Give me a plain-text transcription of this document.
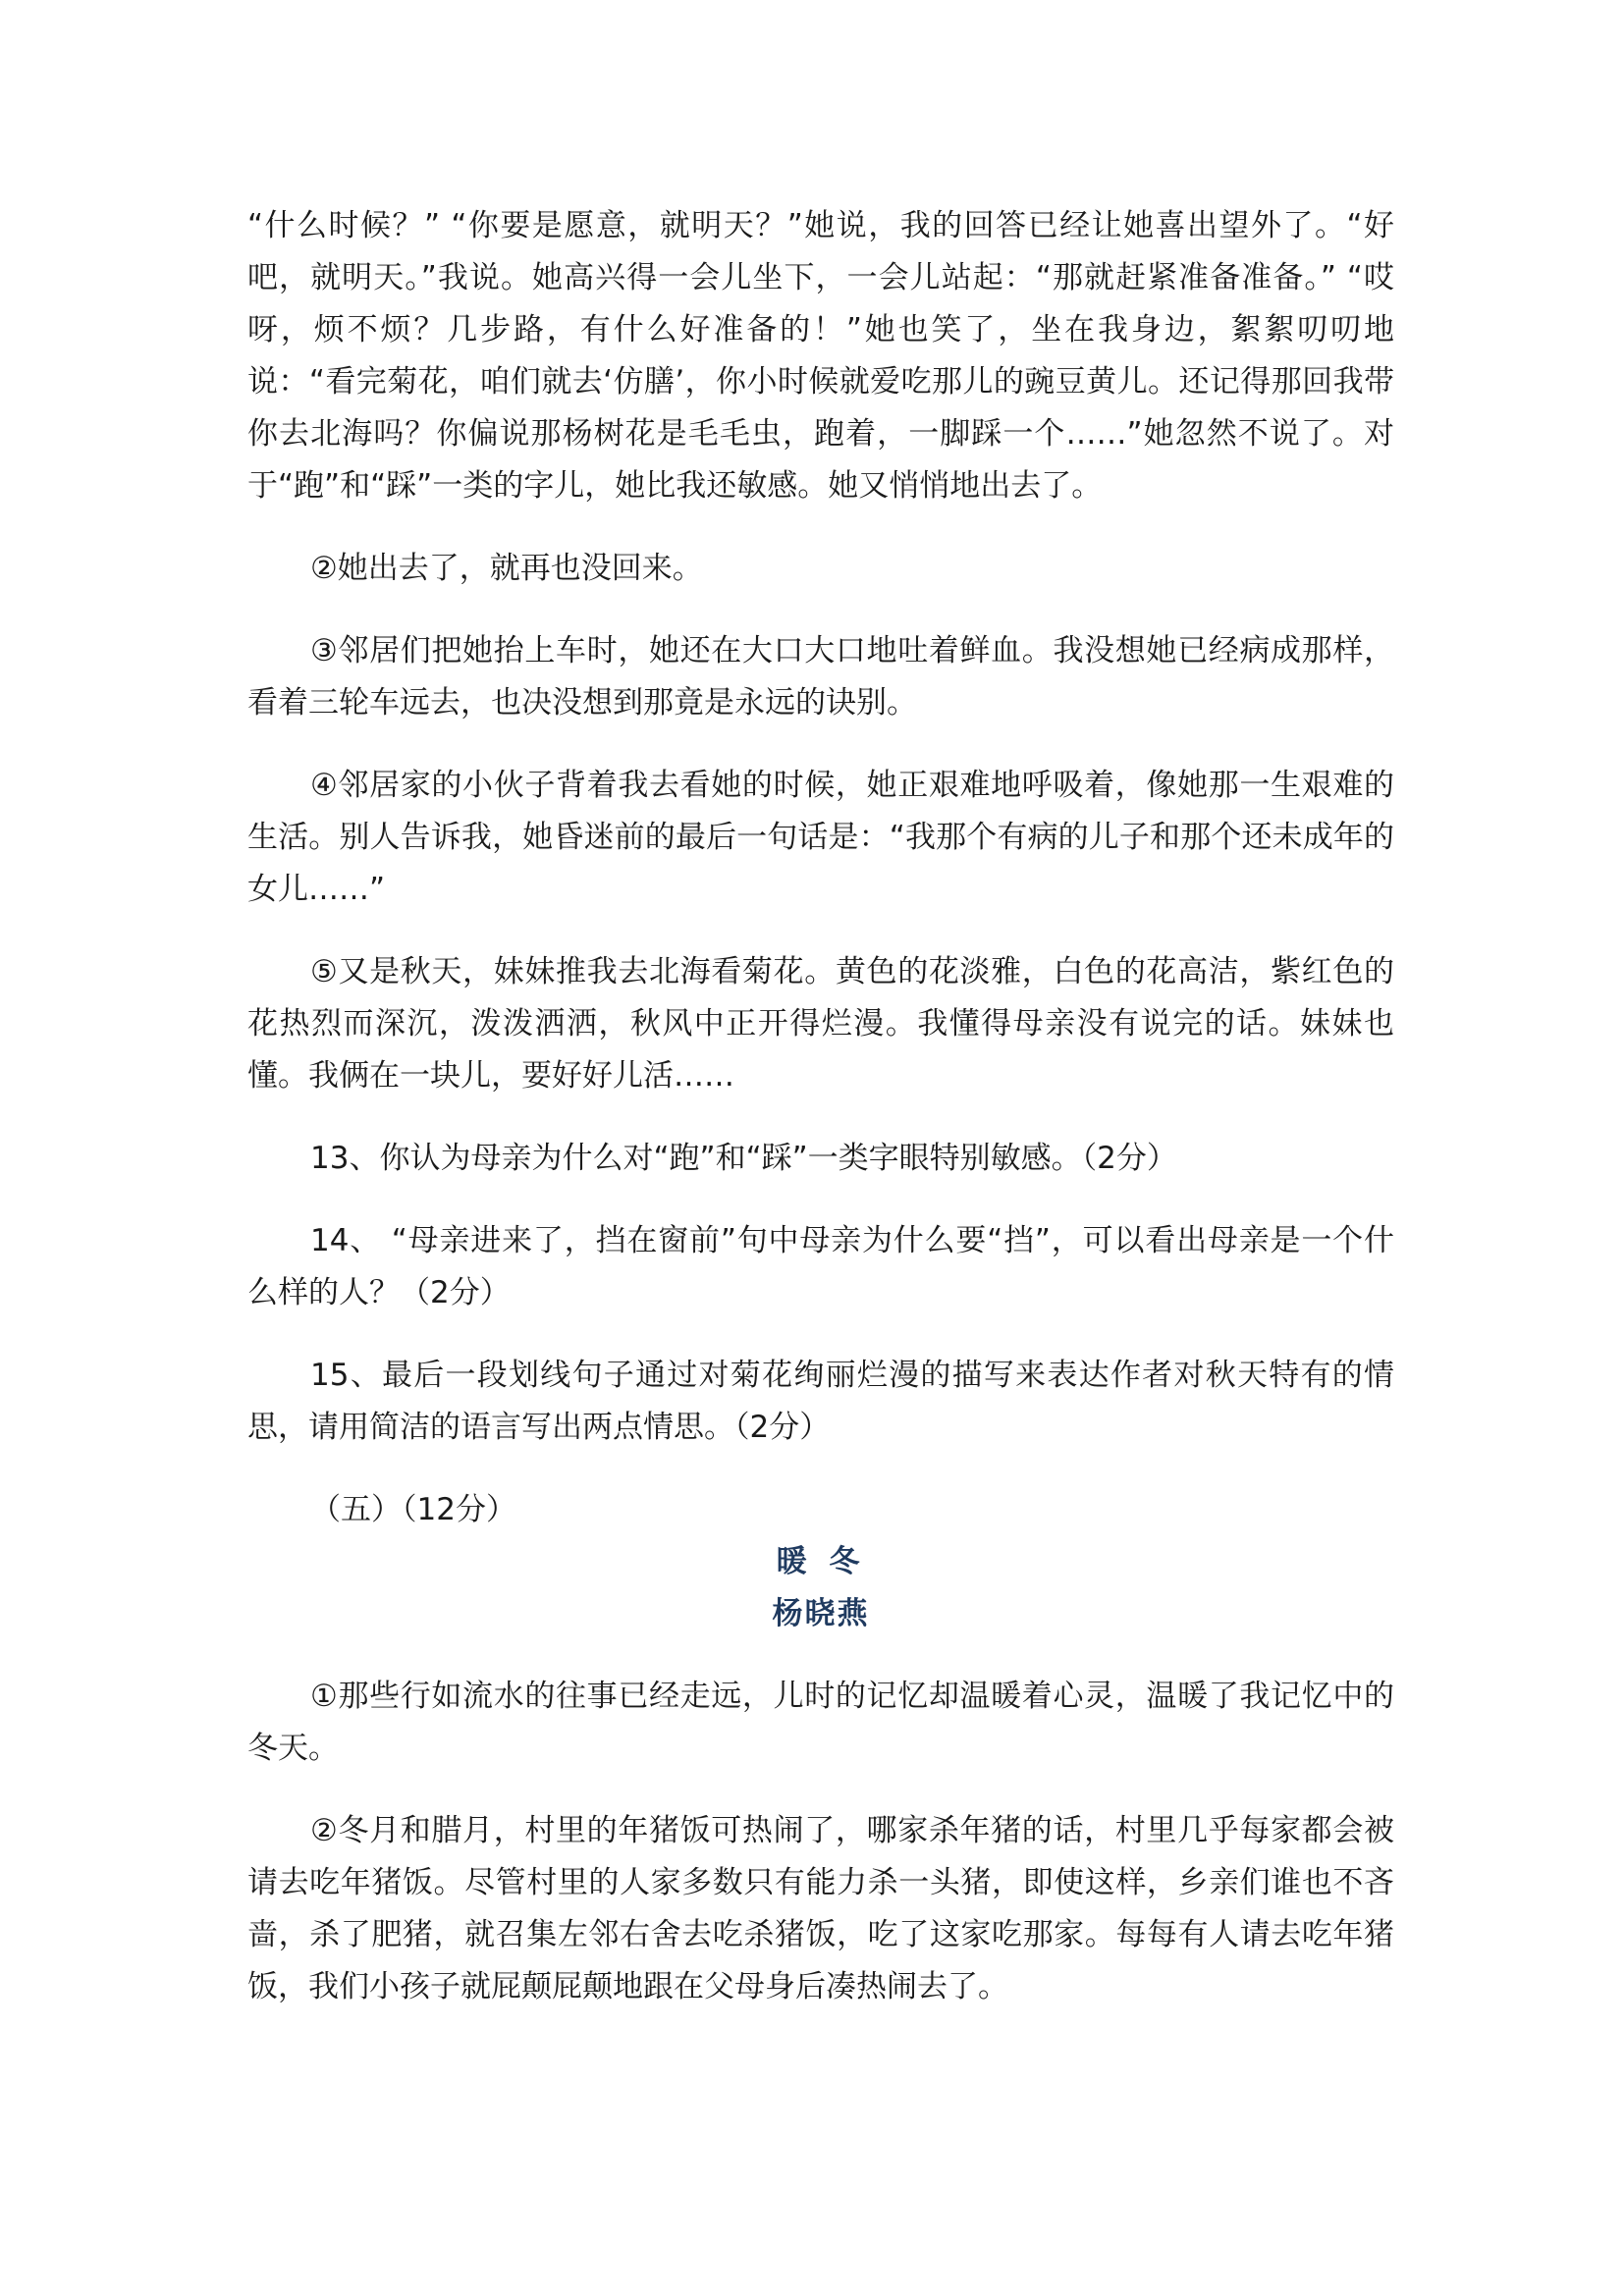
“什么时候？” “你要是愿意，就明天？”她说，我的回答已经让她喜出望外了。“好吧，就明天。”我说。她高兴得一会儿坐下，一会儿站起：“那就赶紧准备准备。” “哎呀，烦不烦？几步路，有什么好准备的！”她也笑了，坐在我身边，絮絮叨叨地说：“看完菊花，咱们就去‘仿膳’，你小时候就爱吃那儿的豌豆黄儿。还记得那回我带你去北海吗？你偏说那杨树花是毛毛虫，跑着，一脚踩一个……”她忽然不说了。对于“跑”和“踩”一类的字儿，她比我还敏感。她又悄悄地出去了。

②她出去了，就再也没回来。

③邻居们把她抬上车时，她还在大口大口地吐着鲜血。我没想她已经病成那样，看着三轮车远去，也决没想到那竟是永远的诀别。

④邻居家的小伙子背着我去看她的时候，她正艰难地呼吸着，像她那一生艰难的生活。别人告诉我，她昏迷前的最后一句话是：“我那个有病的儿子和那个还未成年的女儿……”

⑤又是秋天，妹妹推我去北海看菊花。黄色的花淡雅，白色的花高洁，紫红色的花热烈而深沉，泼泼洒洒，秋风中正开得烂漫。我懂得母亲没有说完的话。妹妹也懂。我俩在一块儿，要好好儿活……

13、你认为母亲为什么对“跑”和“踩”一类字眼特别敏感。（2分）

14、 “母亲进来了，挡在窗前”句中母亲为什么要“挡”，可以看出母亲是一个什么样的人？（2分）

15、最后一段划线句子通过对菊花绚丽烂漫的描写来表达作者对秋天特有的情思，请用简洁的语言写出两点情思。（2分）

（五）（12分）

暖 冬
杨晓燕

①那些行如流水的往事已经走远，儿时的记忆却温暖着心灵，温暖了我记忆中的冬天。

②冬月和腊月，村里的年猪饭可热闹了，哪家杀年猪的话，村里几乎每家都会被请去吃年猪饭。尽管村里的人家多数只有能力杀一头猪，即使这样，乡亲们谁也不吝啬，杀了肥猪，就召集左邻右舍去吃杀猪饭，吃了这家吃那家。每每有人请去吃年猪饭，我们小孩子就屁颠屁颠地跟在父母身后凑热闹去了。
